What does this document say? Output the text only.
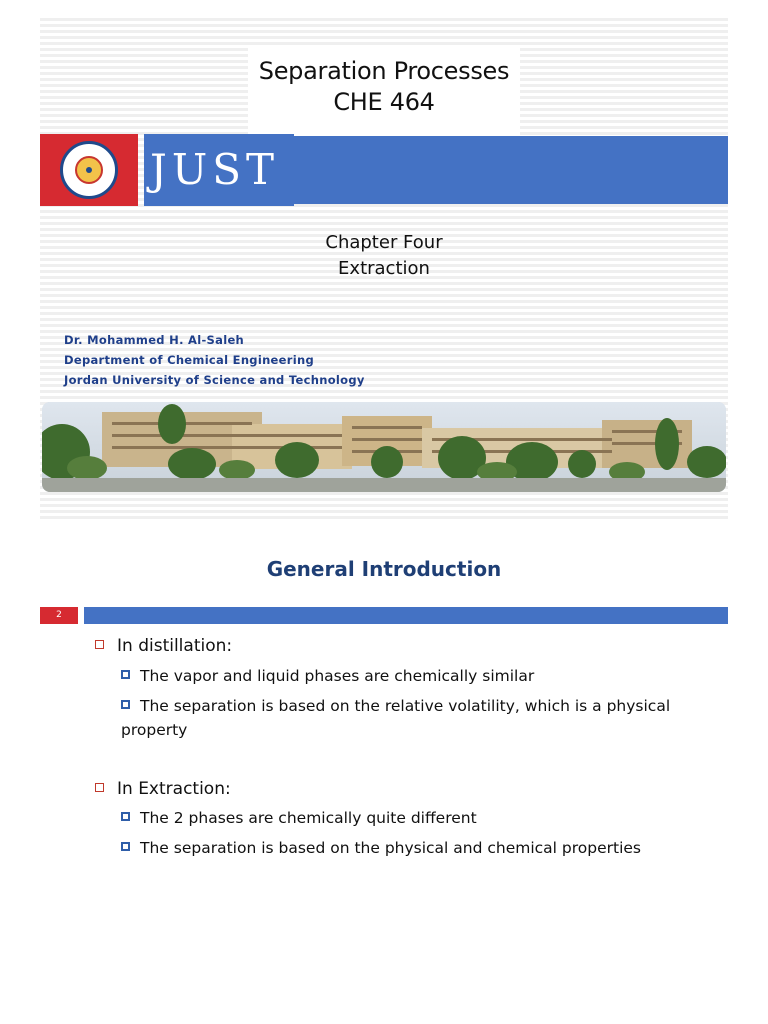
Separation Processes
CHE 464
JUST
Chapter Four
Extraction
Dr. Mohammed H. Al-Saleh
Department of Chemical Engineering
Jordan University of Science and Technology
General Introduction
2
In distillation:
The vapor and liquid phases are chemically similar
The separation is based on the relative volatility, which is a physical property
In Extraction:
The 2 phases are chemically quite different
The separation is based on the physical and chemical properties
